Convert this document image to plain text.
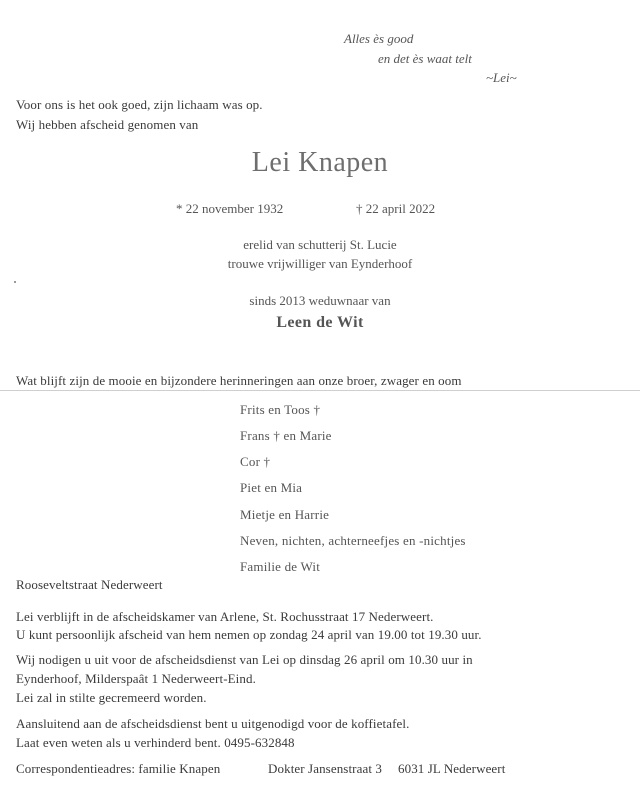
Alles ès good
en det ès waat telt
~Lei~
Voor ons is het ook goed, zijn lichaam was op.
Wij hebben afscheid genomen van
Lei Knapen
* 22 november 1932	† 22 april 2022
erelid van schutterij St. Lucie
trouwe vrijwilliger van Eynderhoof
sinds 2013 weduwnaar van
Leen de Wit
Wat blijft zijn de mooie en bijzondere herinneringen aan onze broer, zwager en oom
Frits en Toos †
Frans † en Marie
Cor †
Piet en Mia
Mietje en Harrie
Neven, nichten, achterneefjes en -nichtjes
Familie de Wit
Rooseveltstraat Nederweert
Lei verblijft in de afscheidskamer van Arlene, St. Rochusstraat 17 Nederweert.
U kunt persoonlijk afscheid van hem nemen op zondag 24 april van 19.00 tot 19.30 uur.
Wij nodigen u uit voor de afscheidsdienst van Lei op dinsdag 26 april om 10.30 uur in
Eynderhoof, Milderspaât 1 Nederweert-Eind.
Lei zal in stilte gecremeerd worden.
Aansluitend aan de afscheidsdienst bent u uitgenodigd voor de koffietafel.
Laat even weten als u verhinderd bent. 0495-632848
Correspondentieadres: familie Knapen	Dokter Jansenstraat 3 6031 JL Nederweert
